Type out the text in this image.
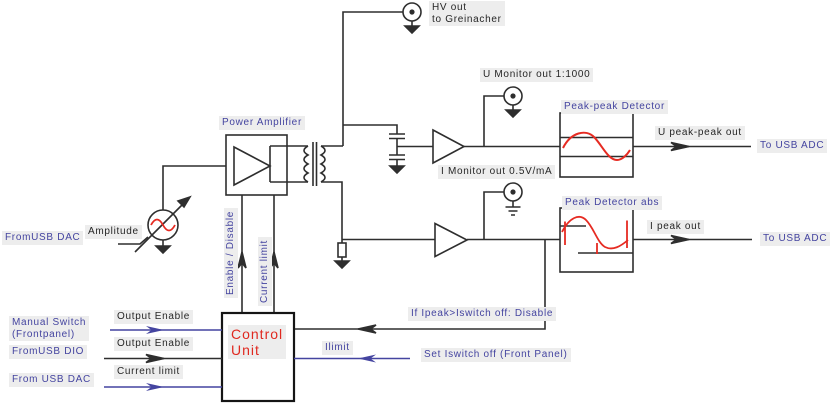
HV out
to Greinacher
U Monitor out 1:1000
Peak-peak Detector
U peak-peak out
To USB ADC
I Monitor out 0.5V/mA
Peak Detector abs
I peak out
To USB ADC
Power Amplifier
Amplitude
FromUSB DAC	Enable / Disable Current limit
Control
Unit
If Ipeak>Iswitch off: Disable
Ilimit
Set Iswitch off (Front Panel)
Manual Switch
(Frontpanel)
Output Enable
FromUSB DIO
Output Enable
From USB DAC
Current limit
